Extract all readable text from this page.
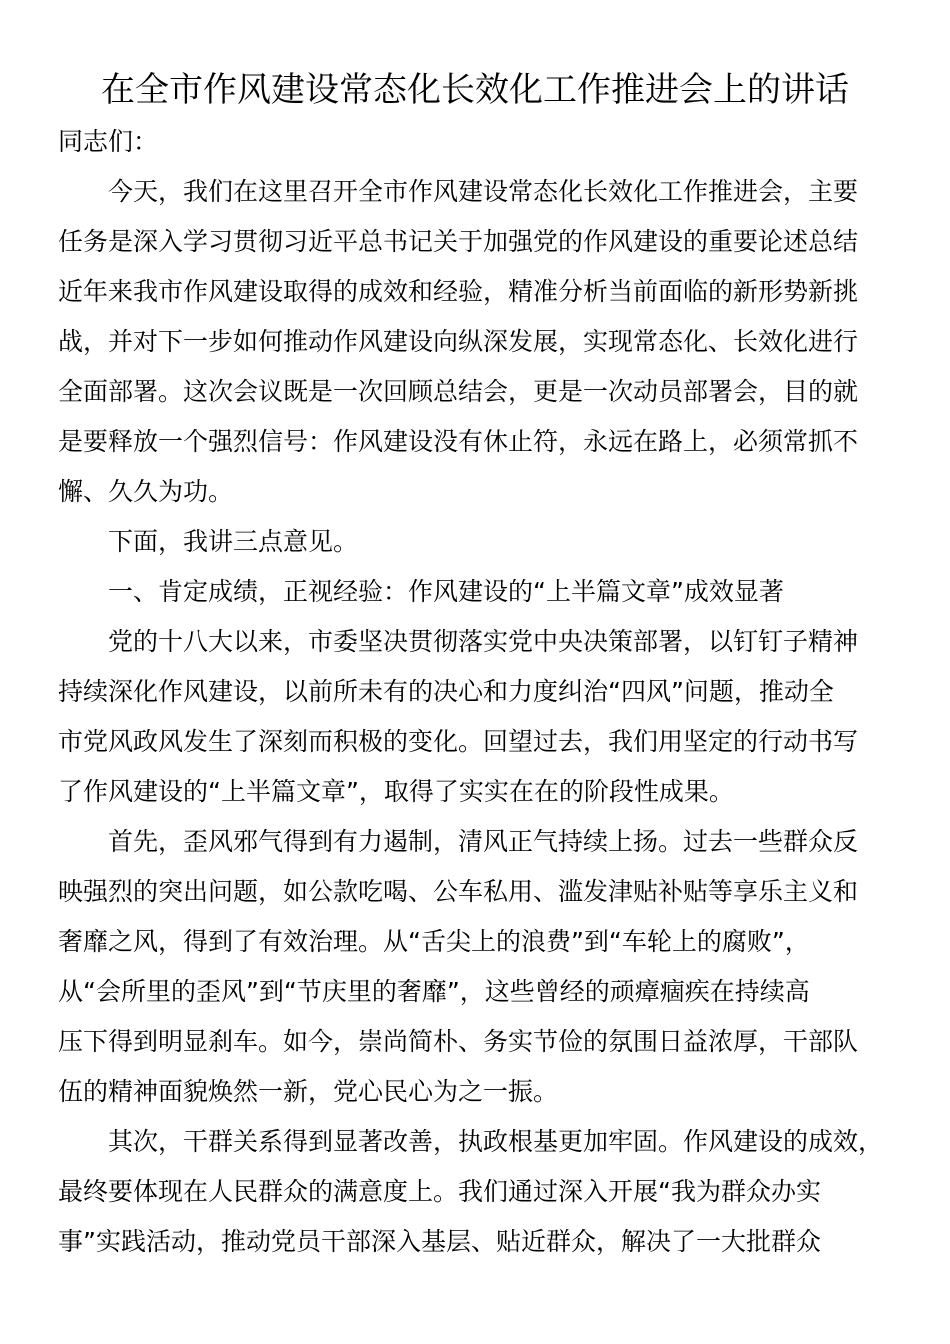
在全市作风建设常态化长效化工作推进会上的讲话
同志们：
今天，我们在这里召开全市作风建设常态化长效化工作推进会，主要
任务是深入学习贯彻习近平总书记关于加强党的作风建设的重要论述总结
近年来我市作风建设取得的成效和经验，精准分析当前面临的新形势新挑
战，并对下一步如何推动作风建设向纵深发展，实现常态化、长效化进行
全面部署。这次会议既是一次回顾总结会，更是一次动员部署会，目的就
是要释放一个强烈信号：作风建设没有休止符，永远在路上，必须常抓不
懈、久久为功。
下面，我讲三点意见。
一、肯定成绩，正视经验：作风建设的“上半篇文章”成效显著
党的十八大以来，市委坚决贯彻落实党中央决策部署，以钉钉子精神
持续深化作风建设，以前所未有的决心和力度纠治“四风”问题，推动全
市党风政风发生了深刻而积极的变化。回望过去，我们用坚定的行动书写
了作风建设的“上半篇文章”，取得了实实在在的阶段性成果。
首先，歪风邪气得到有力遏制，清风正气持续上扬。过去一些群众反
映强烈的突出问题，如公款吃喝、公车私用、滥发津贴补贴等享乐主义和
奢靡之风，得到了有效治理。从“舌尖上的浪费”到“车轮上的腐败”，
从“会所里的歪风”到“节庆里的奢靡”，这些曾经的顽瘴痼疾在持续高
压下得到明显刹车。如今，崇尚简朴、务实节俭的氛围日益浓厚，干部队
伍的精神面貌焕然一新，党心民心为之一振。
其次，干群关系得到显著改善，执政根基更加牢固。作风建设的成效，
最终要体现在人民群众的满意度上。我们通过深入开展“我为群众办实
事”实践活动，推动党员干部深入基层、贴近群众，解决了一大批群众
